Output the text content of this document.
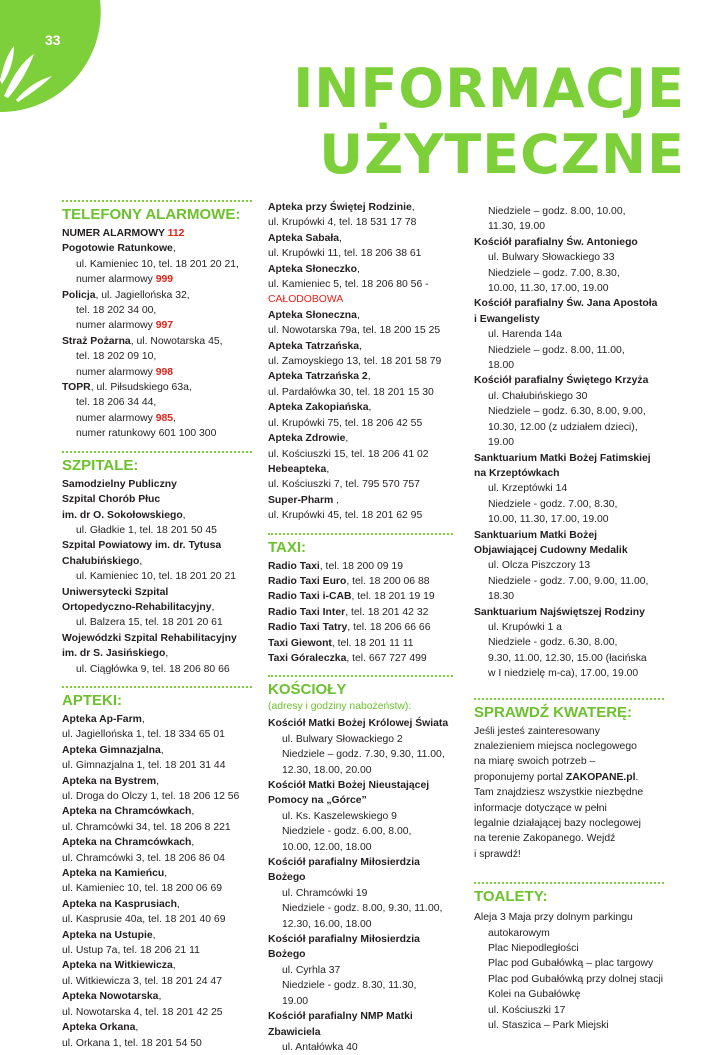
33
INFORMACJE
UŻYTECZNE
TELEFONY ALARMOWE:
NUMER ALARMOWY 112
Pogotowie Ratunkowe,
ul. Kamieniec 10, tel. 18 201 20 21,
numer alarmowy 999
Policja, ul. Jagiellońska 32,
tel. 18 202 34 00,
numer alarmowy 997
Straż Pożarna, ul. Nowotarska 45,
tel. 18 202 09 10,
numer alarmowy 998
TOPR, ul. Piłsudskiego 63a,
tel. 18 206 34 44,
numer alarmowy 985,
numer ratunkowy 601 100 300
SZPITALE:
Samodzielny Publiczny
Szpital Chorób Płuc
im. dr O. Sokołowskiego,
ul. Gładkie 1, tel. 18 201 50 45
Szpital Powiatowy im. dr. Tytusa
Chałubińskiego,
ul. Kamieniec 10, tel. 18 201 20 21
Uniwersytecki Szpital
Ortopedyczno-Rehabilitacyjny,
ul. Balzera 15, tel. 18 201 20 61
Wojewódzki Szpital Rehabilitacyjny
im. dr S. Jasińskiego,
ul. Ciągłówka 9, tel. 18 206 80 66
APTEKI:
Apteka Ap-Farm,
ul. Jagiellońska 1, tel. 18 334 65 01
Apteka Gimnazjalna,
ul. Gimnazjalna 1, tel. 18 201 31 44
Apteka na Bystrem,
ul. Droga do Olczy 1, tel. 18 206 12 56
Apteka na Chramcówkach,
ul. Chramcówki 34, tel. 18 206 8 221
Apteka na Chramcówkach,
ul. Chramcówki 3, tel. 18 206 86 04
Apteka na Kamieńcu,
ul. Kamieniec 10, tel. 18 200 06 69
Apteka na Kasprusiach,
ul. Kasprusie 40a, tel. 18 201 40 69
Apteka na Ustupie,
ul. Ustup 7a, tel. 18 206 21 11
Apteka na Witkiewicza,
ul. Witkiewicza 3, tel. 18 201 24 47
Apteka Nowotarska,
ul. Nowotarska 4, tel. 18 201 42 25
Apteka Orkana,
ul. Orkana 1, tel. 18 201 54 50
Apteka przy Świętej Rodzinie,
ul. Krupówki 4, tel. 18 531 17 78
Apteka Sabała,
ul. Krupówki 11, tel. 18 206 38 61
Apteka Słoneczko,
ul. Kamieniec 5, tel. 18 206 80 56 -
CAŁODOBOWA
Apteka Słoneczna,
ul. Nowotarska 79a, tel. 18 200 15 25
Apteka Tatrzańska,
ul. Zamoyskiego 13, tel. 18 201 58 79
Apteka Tatrzańska 2,
ul. Pardałówka 30, tel. 18 201 15 30
Apteka Zakopiańska,
ul. Krupówki 75, tel. 18 206 42 55
Apteka Zdrowie,
ul. Kościuszki 15, tel. 18 206 41 02
Hebeapteka,
ul. Kościuszki 7, tel. 795 570 757
Super-Pharm ,
ul. Krupówki 45, tel. 18 201 62 95
TAXI:
Radio Taxi, tel. 18 200 09 19
Radio Taxi Euro, tel. 18 200 06 88
Radio Taxi i-CAB, tel. 18 201 19 19
Radio Taxi Inter, tel. 18 201 42 32
Radio Taxi Tatry, tel. 18 206 66 66
Taxi Giewont, tel. 18 201 11 11
Taxi Góraleczka, tel. 667 727 499
KOŚCIOŁY
(adresy i godziny nabożeństw):
Kościół Matki Bożej Królowej Świata
ul. Bulwary Słowackiego 2
Niedziele – godz. 7.30, 9.30, 11.00,
12.30, 18.00, 20.00
Kościół Matki Bożej Nieustającej
Pomocy na „Górce”
ul. Ks. Kaszelewskiego 9
Niedziele - godz. 6.00, 8.00,
10.00, 12.00, 18.00
Kościół parafialny Miłosierdzia
Bożego
ul. Chramcówki 19
Niedziele - godz. 8.00, 9.30, 11.00,
12.30, 16.00, 18.00
Kościół parafialny Miłosierdzia
Bożego
ul. Cyrhla 37
Niedziele - godz. 8.30, 11.30,
19.00
Kościół parafialny NMP Matki
Zbawiciela
ul. Antałówka 40
Niedziele – godz. 8.00, 10.00,
11.30, 19.00
Kościół parafialny Św. Antoniego
ul. Bulwary Słowackiego 33
Niedziele – godz. 7.00, 8.30,
10.00, 11.30, 17.00, 19.00
Kościół parafialny Św. Jana Apostoła
i Ewangelisty
ul. Harenda 14a
Niedziele – godz. 8.00, 11.00,
18.00
Kościół parafialny Świętego Krzyża
ul. Chałubińskiego 30
Niedziele – godz. 6.30, 8.00, 9.00,
10.30, 12.00 (z udziałem dzieci),
19.00
Sanktuarium Matki Bożej Fatimskiej
na Krzeptówkach
ul. Krzeptówki 14
Niedziele - godz. 7.00, 8.30,
10.00, 11.30, 17.00, 19.00
Sanktuarium Matki Bożej
Objawiającej Cudowny Medalik
ul. Olcza Piszczory 13
Niedziele - godz. 7.00, 9.00, 11.00,
18.30
Sanktuarium Najświętszej Rodziny
ul. Krupówki 1 a
Niedziele - godz. 6.30, 8.00,
9.30, 11.00, 12.30, 15.00 (łacińska
w I niedzielę m-ca), 17.00, 19.00
SPRAWDŹ KWATERĘ:
Jeśli jesteś zainteresowany
znalezieniem miejsca noclegowego
na miarę swoich potrzeb –
proponujemy portal ZAKOPANE.pl.
Tam znajdziesz wszystkie niezbędne
informacje dotyczące w pełni
legalnie działającej bazy noclegowej
na terenie Zakopanego. Wejdź
i sprawdź!
TOALETY:
Aleja 3 Maja przy dolnym parkingu
autokarowym
Plac Niepodległości
Plac pod Gubałówką – plac targowy
Plac pod Gubałówką przy dolnej stacji
Kolei na Gubałówkę
ul. Kościuszki 17
ul. Staszica – Park Miejski
